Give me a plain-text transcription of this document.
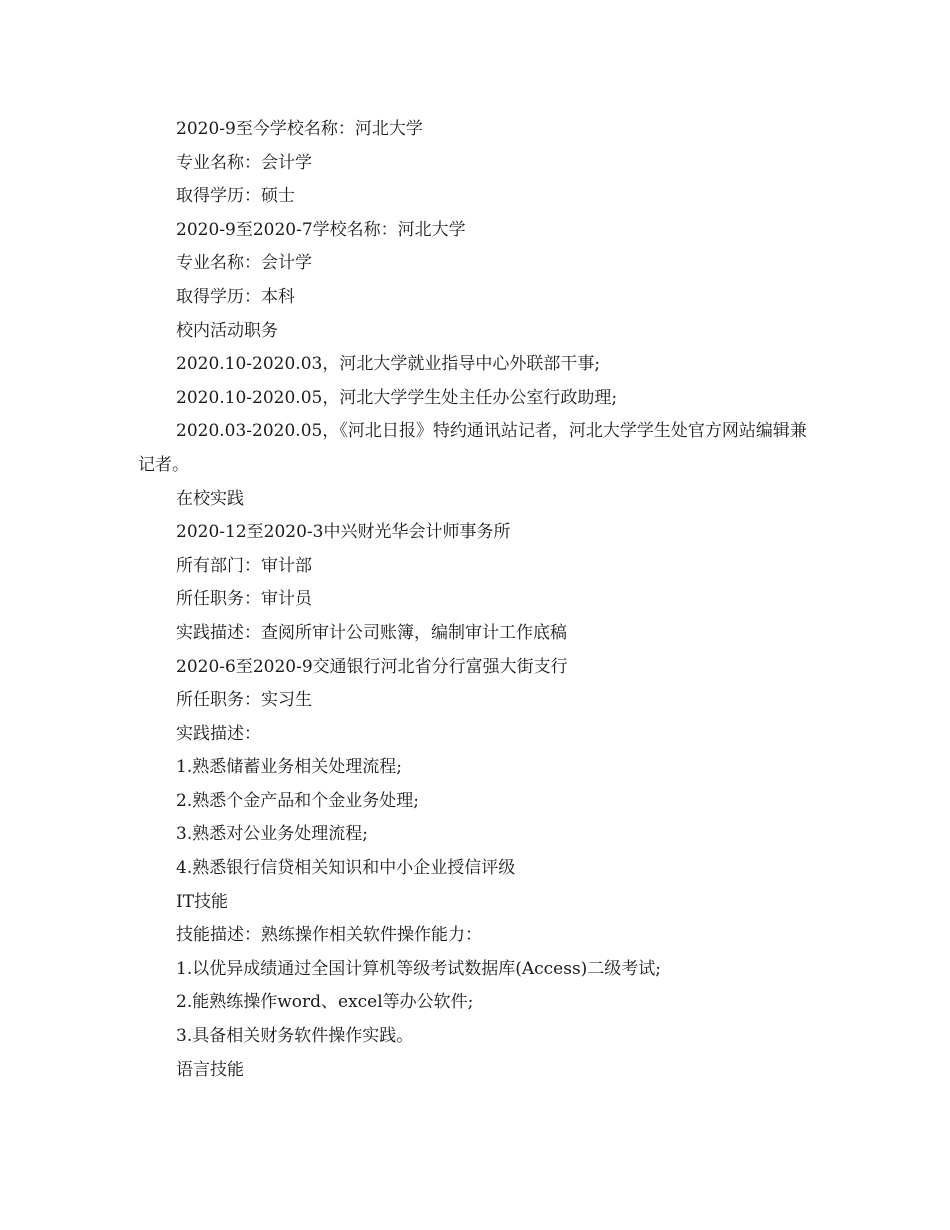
2020-9至今学校名称：河北大学
专业名称：会计学
取得学历：硕士
2020-9至2020-7学校名称：河北大学
专业名称：会计学
取得学历：本科
校内活动职务
2020.10-2020.03，河北大学就业指导中心外联部干事;
2020.10-2020.05，河北大学学生处主任办公室行政助理;
2020.03-2020.05，《河北日报》特约通讯站记者，河北大学学生处官方网站编辑兼记者。
在校实践
2020-12至2020-3中兴财光华会计师事务所
所有部门：审计部
所任职务：审计员
实践描述：查阅所审计公司账簿，编制审计工作底稿
2020-6至2020-9交通银行河北省分行富强大街支行
所任职务：实习生
实践描述：
1.熟悉储蓄业务相关处理流程;
2.熟悉个金产品和个金业务处理;
3.熟悉对公业务处理流程;
4.熟悉银行信贷相关知识和中小企业授信评级
IT技能
技能描述：熟练操作相关软件操作能力：
1.以优异成绩通过全国计算机等级考试数据库(Access)二级考试;
2.能熟练操作word、excel等办公软件;
3.具备相关财务软件操作实践。
语言技能
